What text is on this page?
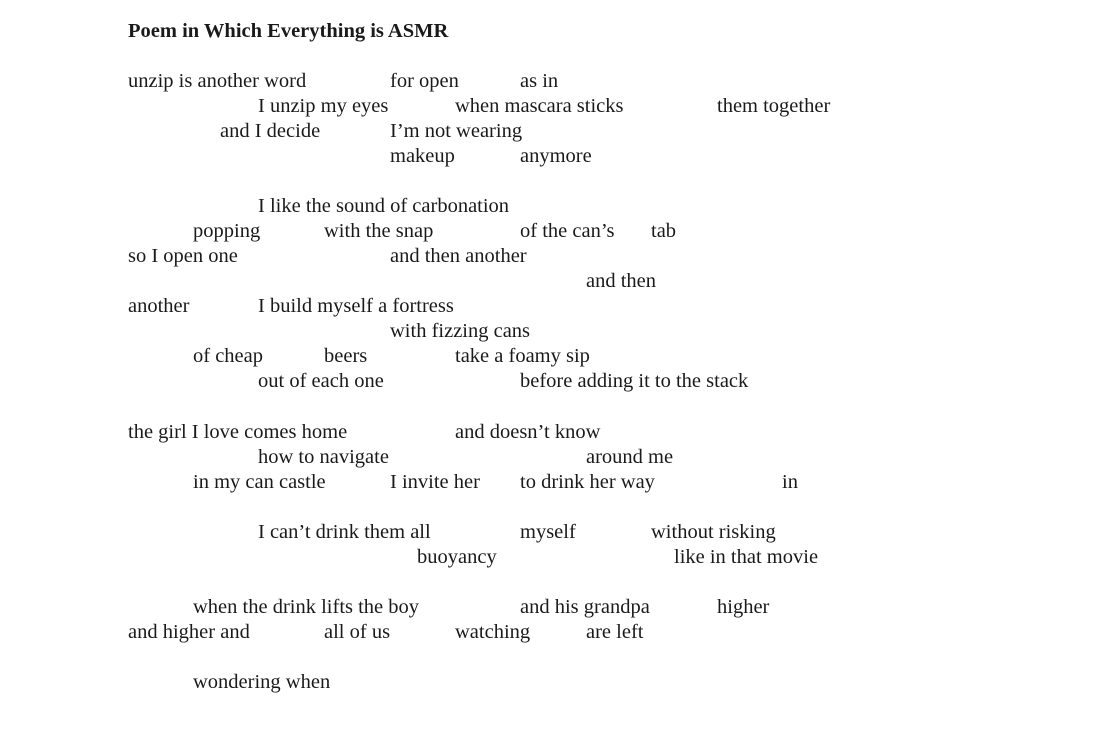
Poem in Which Everything is ASMR
unzip is another word	for open	as in
I unzip my eyes	when mascara sticks	them together
and I decide	I’m not wearing
makeup	anymore
I like the sound of carbonation
popping	with the snap	of the can’s tab
so I open one	and then another
and then
another	I build myself a fortress
with fizzing cans
of cheap	beers	take a foamy sip
out of each one	before adding it to the stack
the girl I love comes home	and doesn’t know
how to navigate	around me
in my can castle	I invite her to drink her way	in
I can’t drink them all	myself	without risking
buoyancy	like in that movie
when the drink lifts the boy	and his grandpa	higher
and higher and	all of us	watching	are left
wondering when
